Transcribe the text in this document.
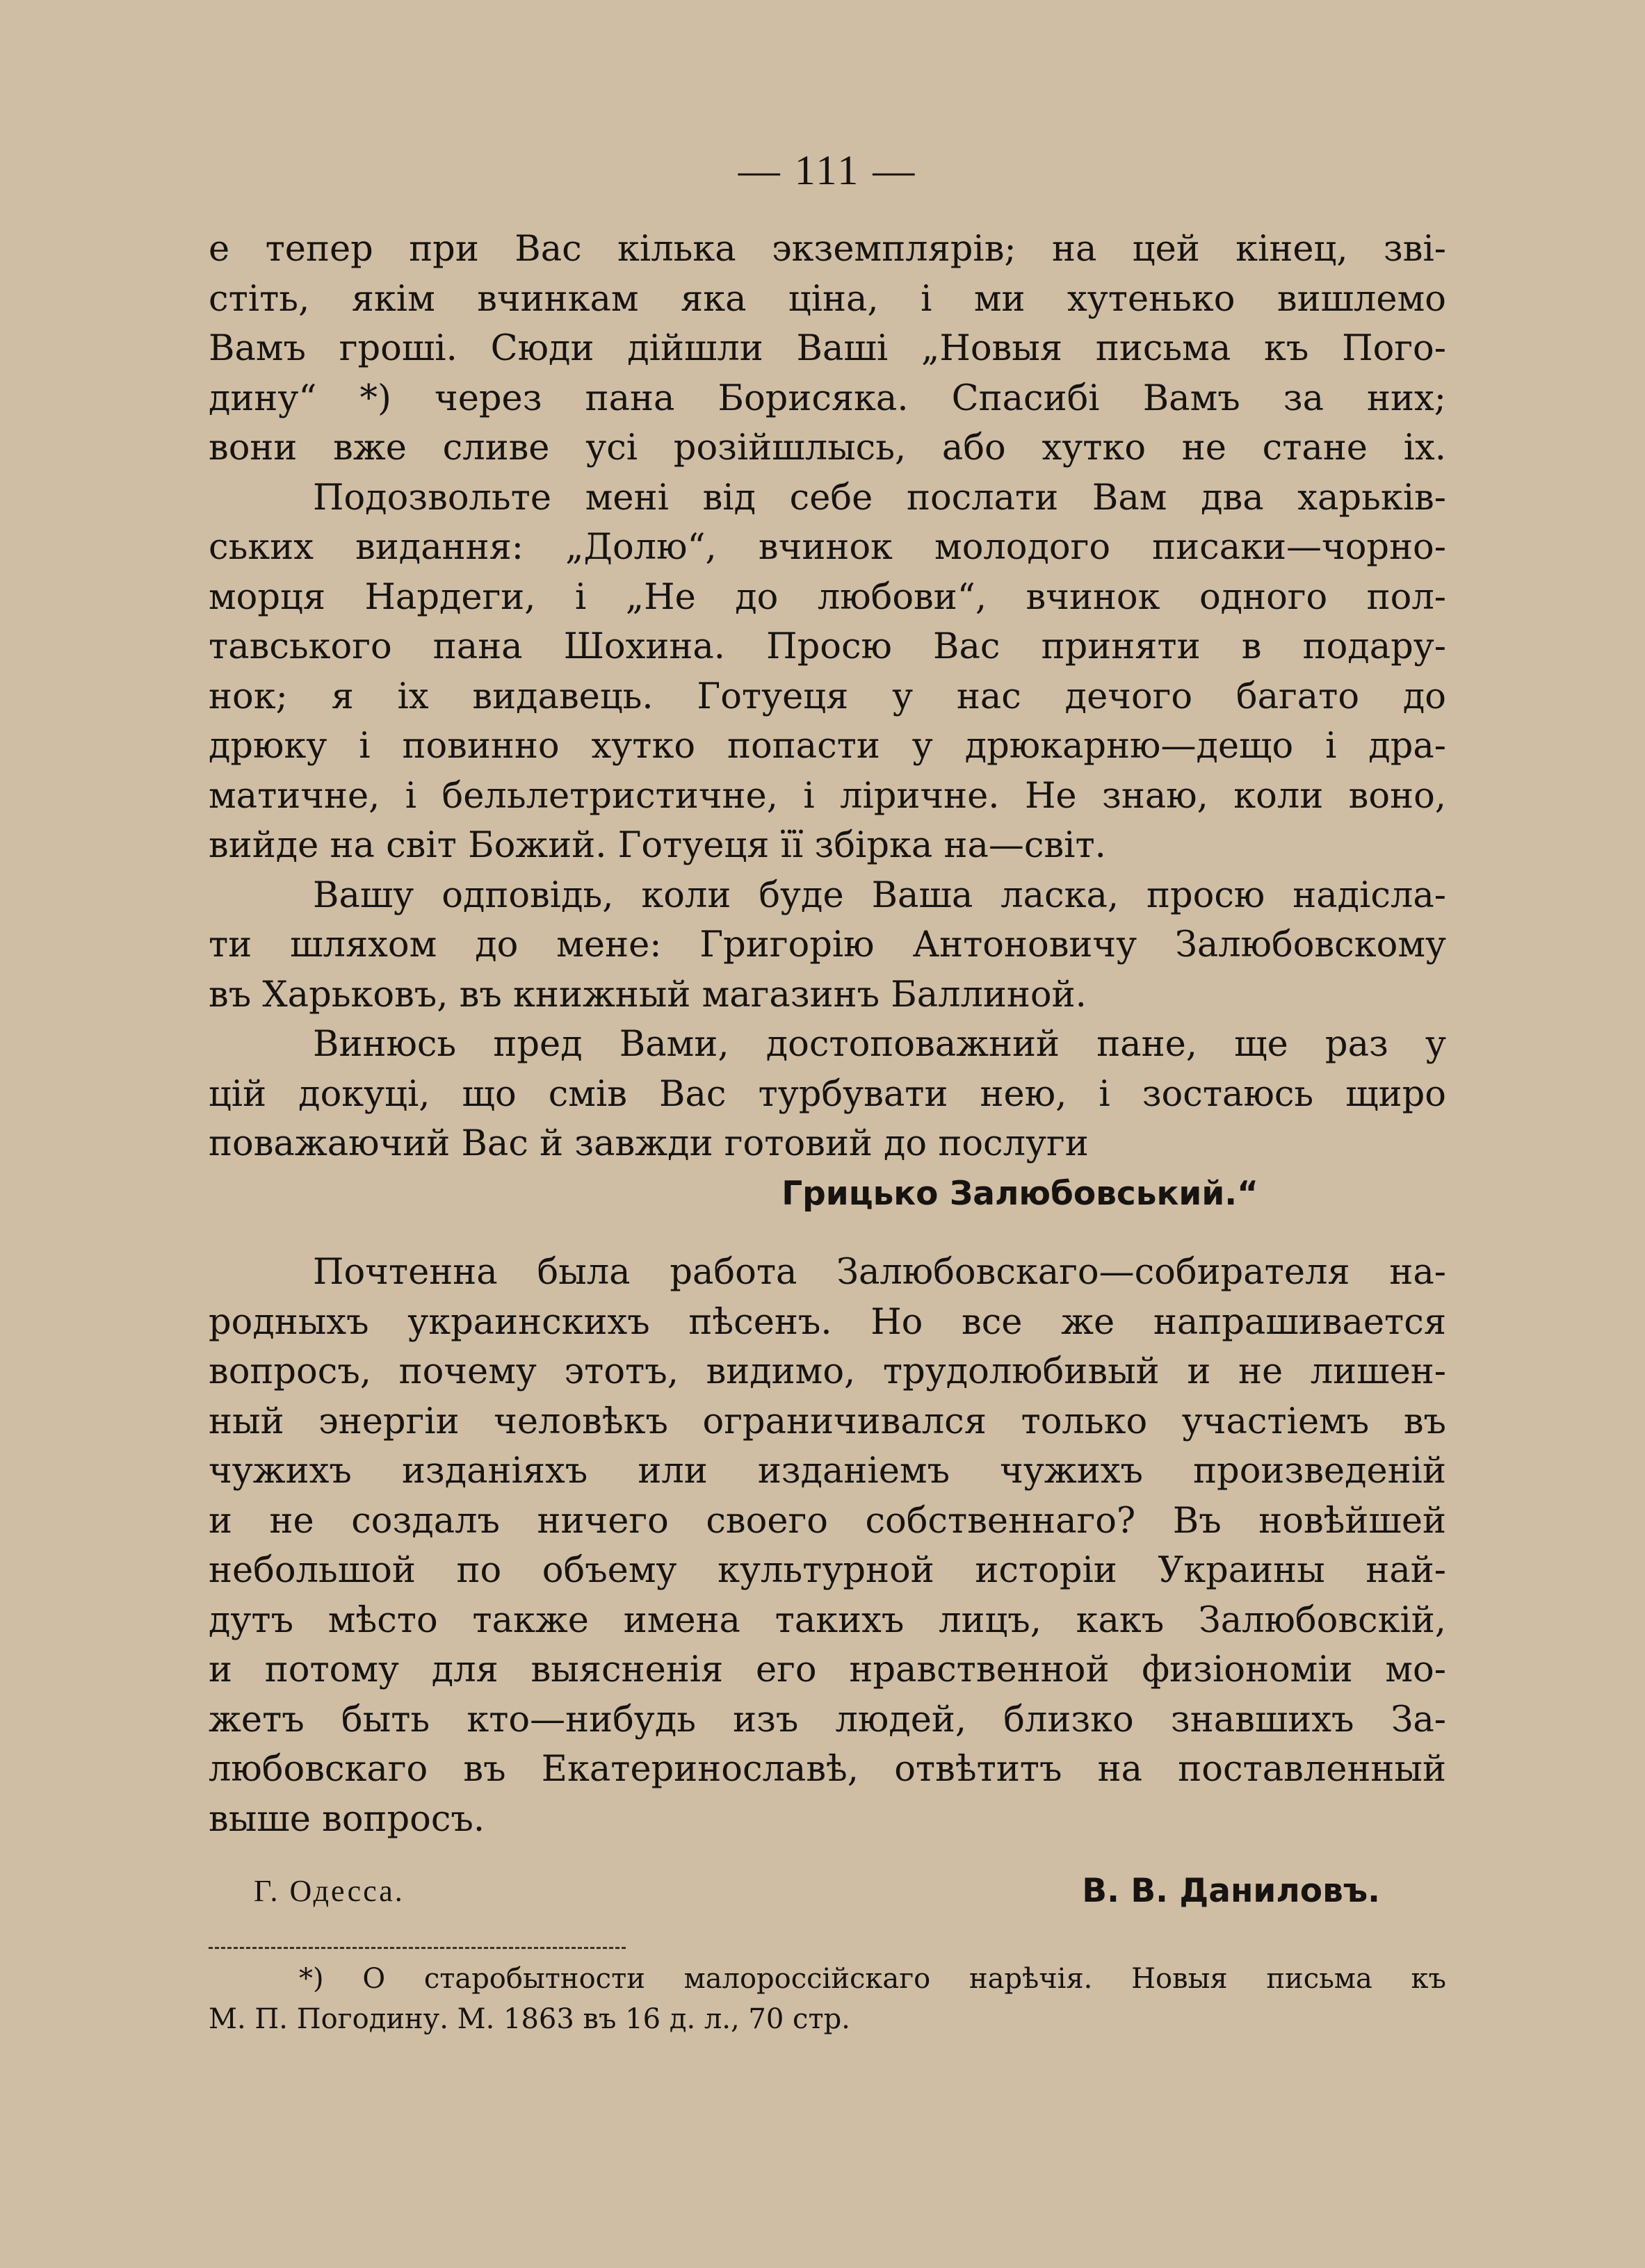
— 111 —
е тепер при Вас кілька экземплярів; на цей кінец, зві-
стіть, якім вчинкам яка ціна, і ми хутенько вишлемо
Вамъ гроші. Сюди дійшли Ваші „Новыя письма къ Пого-
дину“ *) через пана Борисяка. Спасибі Вамъ за них;
вони вже сливе усі розійшлысь, або хутко не стане іх.
Подозвольте мені від себе послати Вам два харьків-
ських видання: „Долю“, вчинок молодого писаки—чорно-
морця Нардеги, і „Не до любови“, вчинок одного пол-
тавського пана Шохина. Просю Вас приняти в подару-
нок; я іх видавець. Готуеця у нас дечого багато до
дрюку і повинно хутко попасти у дрюкарню—дещо і дра-
матичне, і бельлетристичне, і ліричне. Не знаю, коли воно,
вийде на світ Божий. Готуеця її збірка на—світ.
Вашу одповідь, коли буде Ваша ласка, просю надісла-
ти шляхом до мене: Григорію Антоновичу Залюбовскому
въ Харьковъ, въ книжный магазинъ Баллиной.
Винюсь пред Вами, достоповажний пане, ще раз у
цій докуці, що смів Вас турбувати нею, і зостаюсь щиро
поважаючий Вас й завжди готовий до послуги
Грицько Залюбовський.“
Почтенна была работа Залюбовскаго—собирателя на-
родныхъ украинскихъ пѣсенъ. Но все же напрашивается
вопросъ, почему этотъ, видимо, трудолюбивый и не лишен-
ный энергіи человѣкъ ограничивался только участіемъ въ
чужихъ изданіяхъ или изданіемъ чужихъ произведеній
и не создалъ ничего своего собственнаго? Въ новѣйшей
небольшой по объему культурной исторіи Украины най-
дутъ мѣсто также имена такихъ лицъ, какъ Залюбовскій,
и потому для выясненія его нравственной физіономіи мо-
жетъ быть кто—нибудь изъ людей, близко знавшихъ За-
любовскаго въ Екатеринославѣ, отвѣтитъ на поставленный
выше вопросъ.
Г. Одесса.	В. В. Даниловъ.
*) О старобытности малороссійскаго нарѣчія. Новыя письма къ
М. П. Погодину. М. 1863 въ 16 д. л., 70 стр.
